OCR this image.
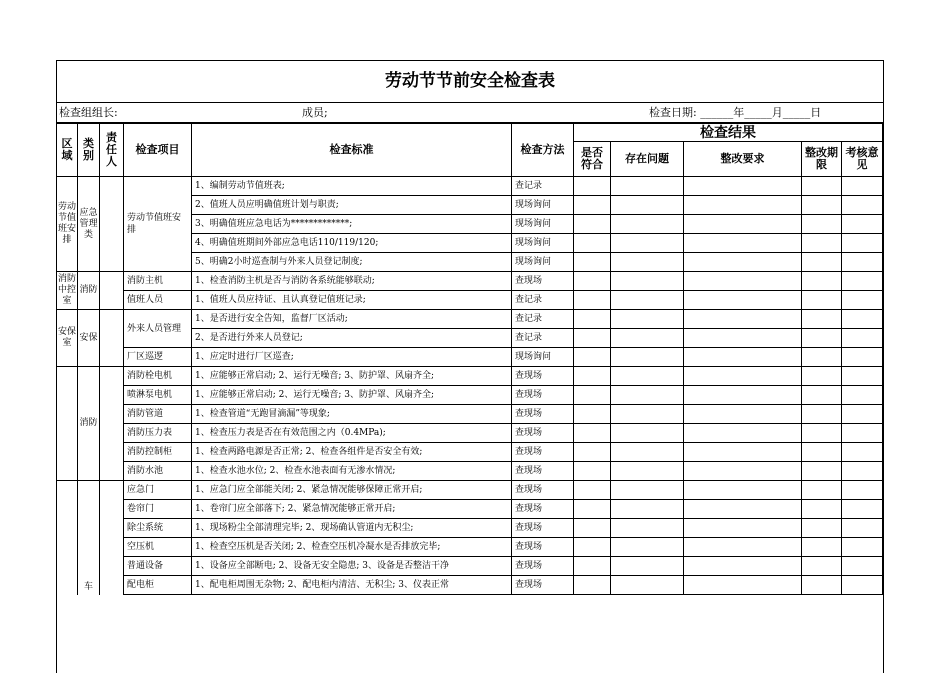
劳动节节前安全检查表
检查组组长:	成员;	检查日期: ______年_____月_____日
区域	类别	责任人	检查项目	检查标准	检查方法	检查结果				
						是否符合	存在问题	整改要求	整改期限	考核意见
劳动节值班安排	应急管理类		劳动节值班安排	1、编制劳动节值班表;	查记录					
				2、值班人员应明确值班计划与职责;	现场询问					
				3、明确值班应急电话为*************;	现场询问					
				4、明确值班期间外部应急电话110/119/120;	现场询问					
				5、明确2小时巡查制与外来人员登记制度;	现场询问					
消防中控室	消防		消防主机	1、检查消防主机是否与消防各系统能够联动;	查现场					
			值班人员	1、值班人员应持证、且认真登记值班记录;	查记录					
安保室	安保		外来人员管理	1、是否进行安全告知，监督厂区活动;	查记录					
				2、是否进行外来人员登记;	查记录					
			厂区巡逻	1、应定时进行厂区巡查;	现场询问					
	消防		消防栓电机	1、应能够正常启动; 2、运行无噪音; 3、防护罩、风扇齐全;	查现场					
			喷淋泵电机	1、应能够正常启动; 2、运行无噪音; 3、防护罩、风扇齐全;	查现场					
			消防管道	1、检查管道“无跑冒滴漏”等现象;	查现场					
			消防压力表	1、检查压力表是否在有效范围之内（0.4MPa);	查现场					
			消防控制柜	1、检查两路电源是否正常; 2、检查各组件是否安全有效;	查现场					
			消防水池	1、检查水池水位; 2、检查水池表面有无渗水情况;	查现场					
	车		应急门	1、应急门应全部能关闭; 2、紧急情况能够保障正常开启;	查现场					
			卷帘门	1、卷帘门应全部落下; 2、紧急情况能够正常开启;	查现场					
			除尘系统	1、现场粉尘全部清理完毕; 2、现场确认管道内无积尘;	查现场					
			空压机	1、检查空压机是否关闭; 2、检查空压机冷凝水是否排放完毕;	查现场					
			普通设备	1、设备应全部断电; 2、设备无安全隐患; 3、设备是否整洁干净	查现场					
			配电柜	1、配电柜周围无杂物; 2、配电柜内清洁、无积尘; 3、仪表正常	查现场					
